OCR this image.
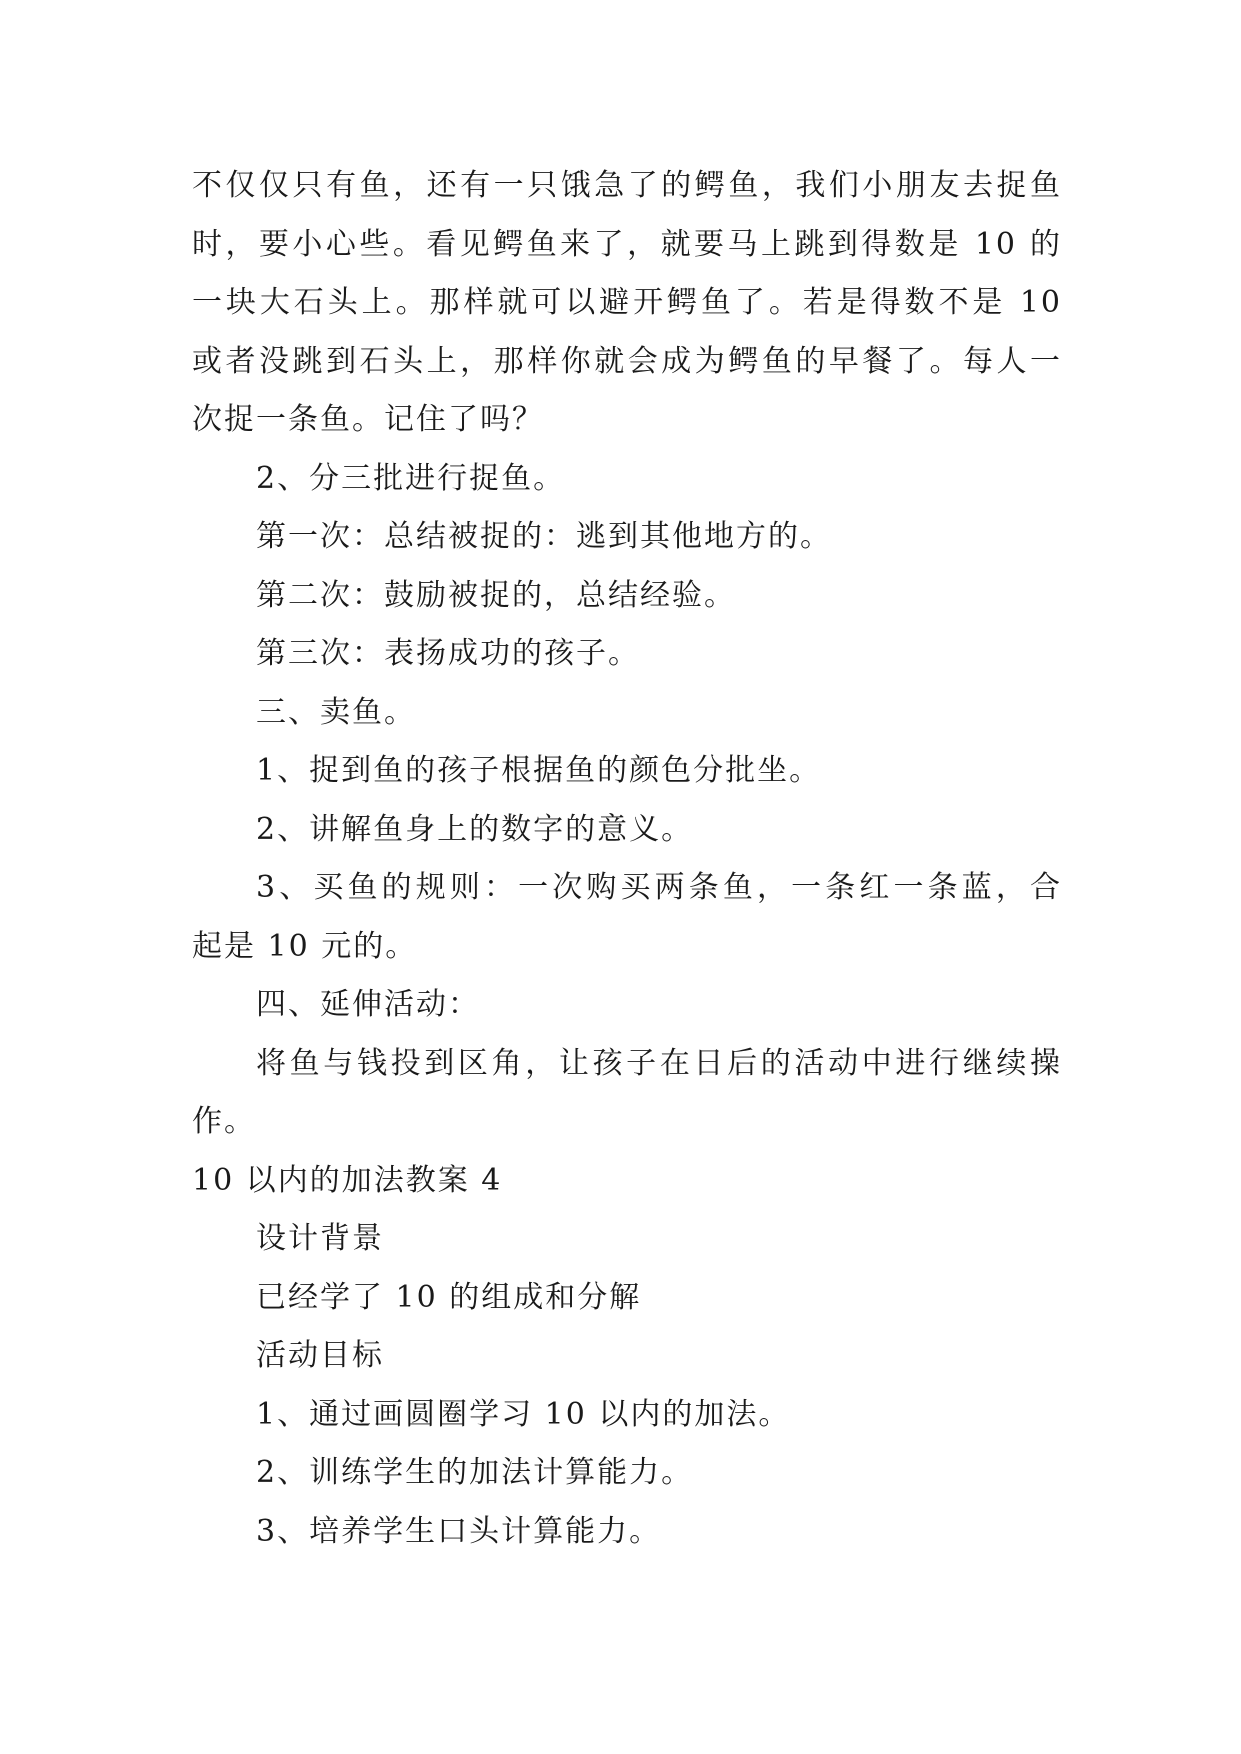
不仅仅只有鱼，还有一只饿急了的鳄鱼，我们小朋友去捉鱼
时，要小心些。看见鳄鱼来了，就要马上跳到得数是 10 的
一块大石头上。那样就可以避开鳄鱼了。若是得数不是 10
或者没跳到石头上，那样你就会成为鳄鱼的早餐了。每人一
次捉一条鱼。记住了吗？
2、分三批进行捉鱼。
第一次：总结被捉的：逃到其他地方的。
第二次：鼓励被捉的，总结经验。
第三次：表扬成功的孩子。
三、卖鱼。
1、捉到鱼的孩子根据鱼的颜色分批坐。
2、讲解鱼身上的数字的意义。
3、买鱼的规则：一次购买两条鱼，一条红一条蓝，合
起是 10 元的。
四、延伸活动：
将鱼与钱投到区角，让孩子在日后的活动中进行继续操
作。
10 以内的加法教案 4
设计背景
已经学了 10 的组成和分解
活动目标
1、通过画圆圈学习 10 以内的加法。
2、训练学生的加法计算能力。
3、培养学生口头计算能力。
